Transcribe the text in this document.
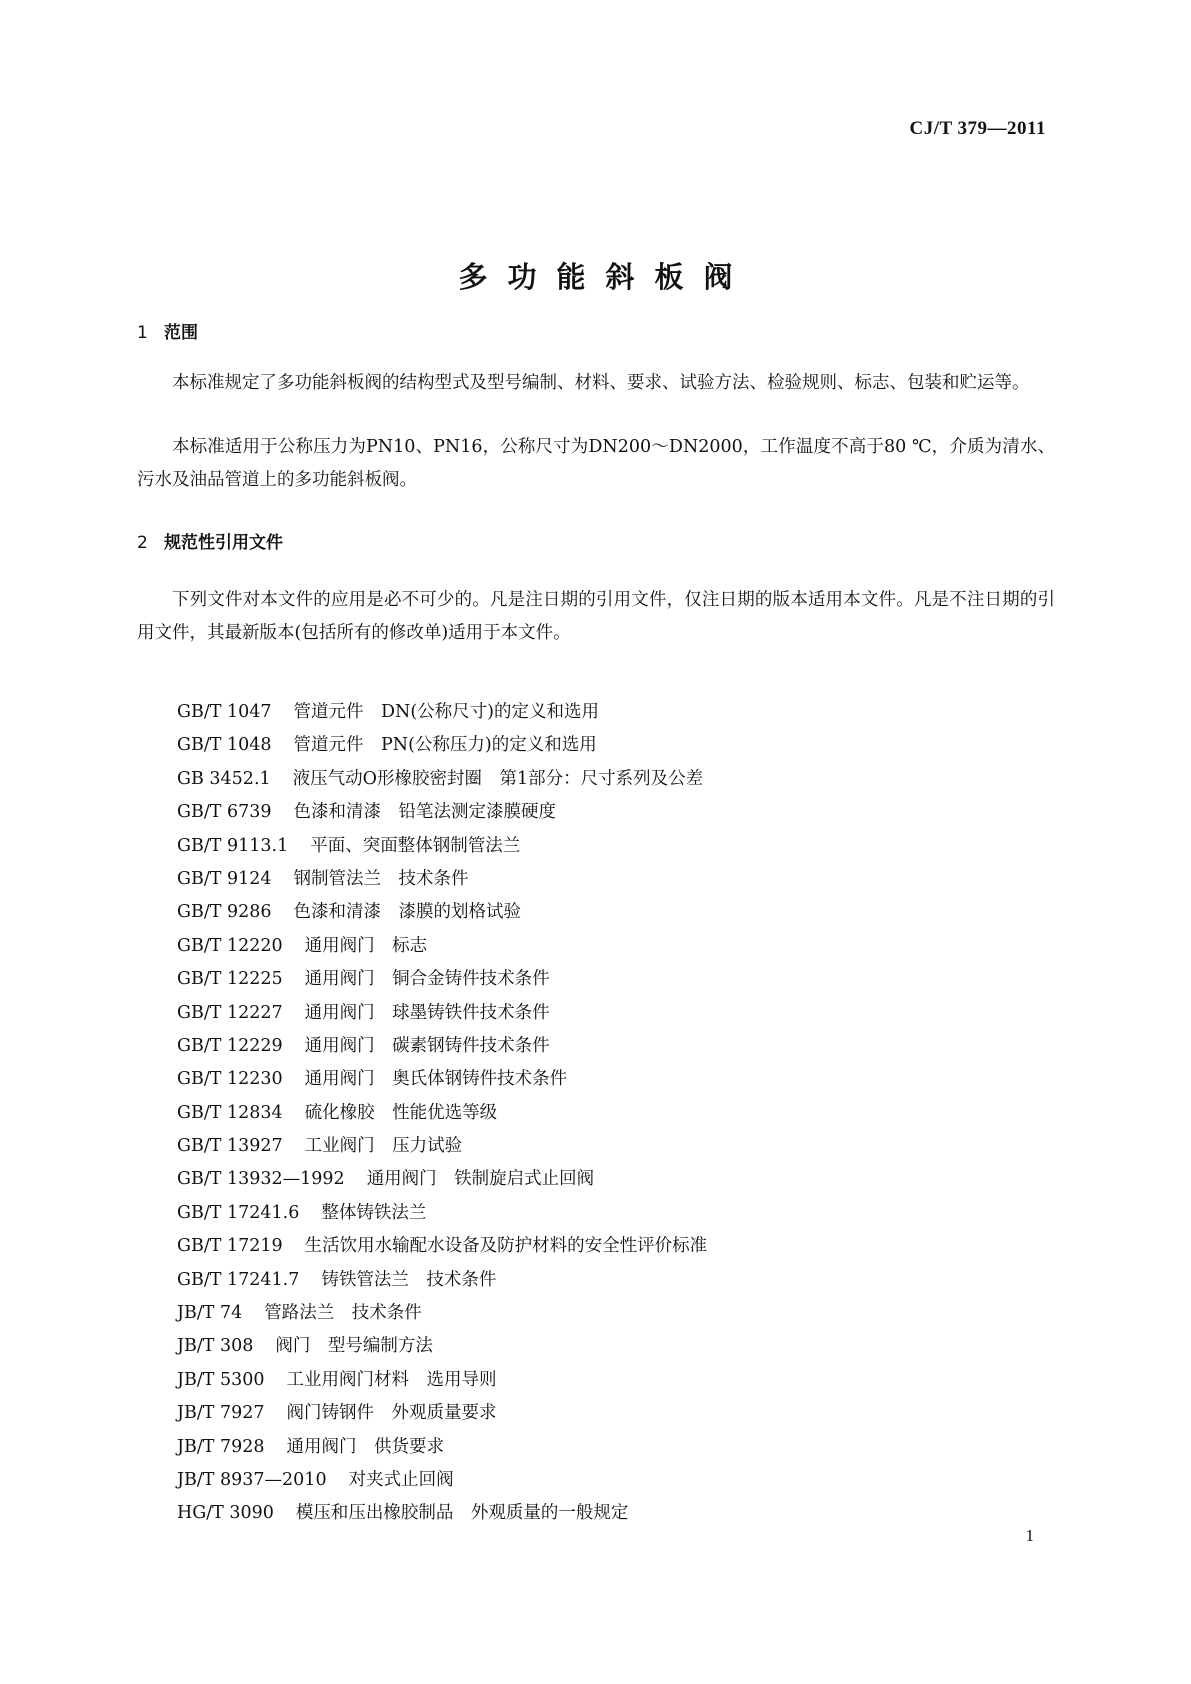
CJ/T 379—2011
多功能斜板阀
1 范围

本标准规定了多功能斜板阀的结构型式及型号编制、材料、要求、试验方法、检验规则、标志、包装和贮运等。

本标准适用于公称压力为PN10、PN16，公称尺寸为DN200～DN2000，工作温度不高于80 ℃，介质为清水、污水及油品管道上的多功能斜板阀。

2 规范性引用文件

下列文件对本文件的应用是必不可少的。凡是注日期的引用文件，仅注日期的版本适用本文件。凡是不注日期的引用文件，其最新版本(包括所有的修改单)适用于本文件。

GB/T 1047 管道元件　DN(公称尺寸)的定义和选用
GB/T 1048 管道元件　PN(公称压力)的定义和选用
GB 3452.1 液压气动O形橡胶密封圈　第1部分：尺寸系列及公差
GB/T 6739 色漆和清漆　铅笔法测定漆膜硬度
GB/T 9113.1 平面、突面整体钢制管法兰
GB/T 9124 钢制管法兰　技术条件
GB/T 9286 色漆和清漆　漆膜的划格试验
GB/T 12220 通用阀门　标志
GB/T 12225 通用阀门　铜合金铸件技术条件
GB/T 12227 通用阀门　球墨铸铁件技术条件
GB/T 12229 通用阀门　碳素钢铸件技术条件
GB/T 12230 通用阀门　奥氏体钢铸件技术条件
GB/T 12834 硫化橡胶　性能优选等级
GB/T 13927 工业阀门　压力试验
GB/T 13932—1992 通用阀门　铁制旋启式止回阀
GB/T 17241.6 整体铸铁法兰
GB/T 17219 生活饮用水输配水设备及防护材料的安全性评价标准
GB/T 17241.7 铸铁管法兰　技术条件
JB/T 74 管路法兰　技术条件
JB/T 308 阀门　型号编制方法
JB/T 5300 工业用阀门材料　选用导则
JB/T 7927 阀门铸钢件　外观质量要求
JB/T 7928 通用阀门　供货要求
JB/T 8937—2010 对夹式止回阀
HG/T 3090 模压和压出橡胶制品　外观质量的一般规定
1
